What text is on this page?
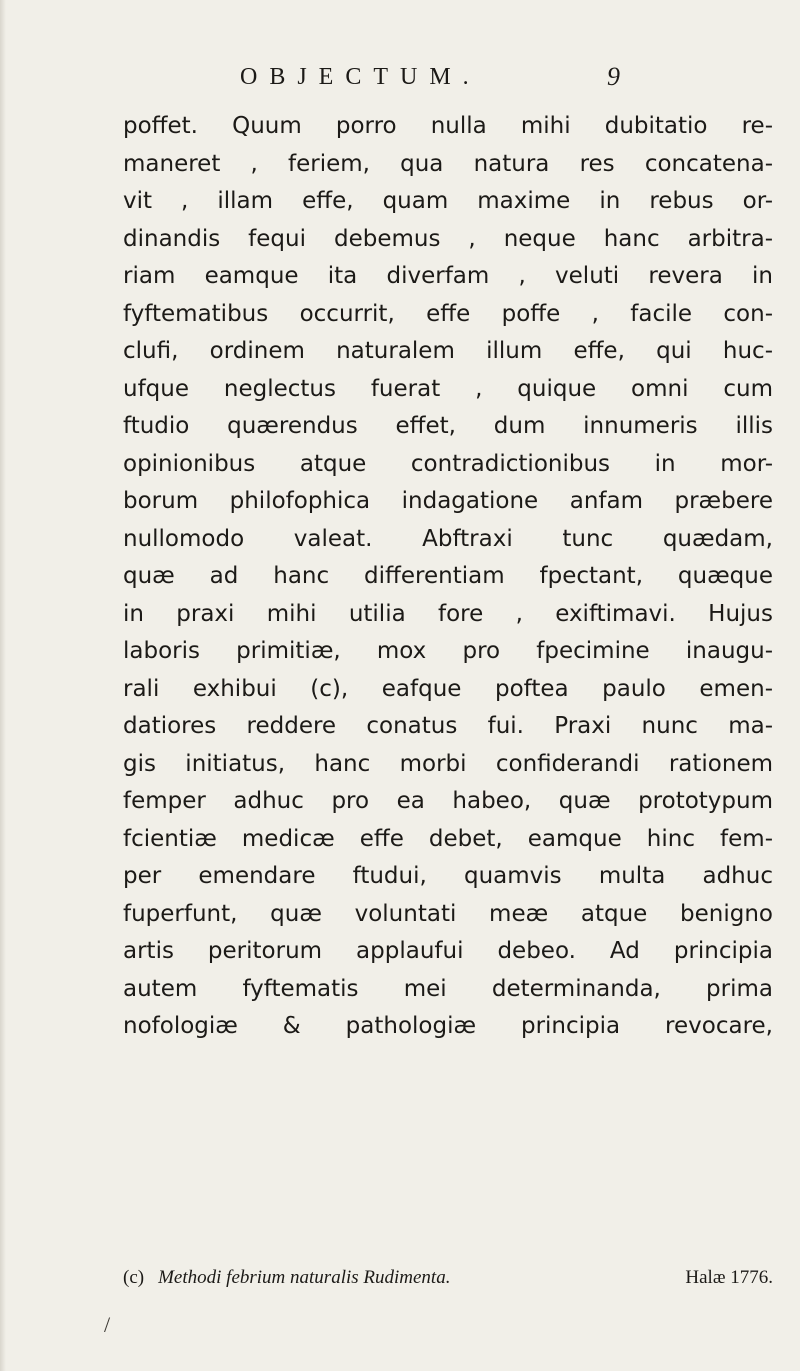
OBJECTUM.	9
poffet. Quum porro nulla mihi dubitatio re-
maneret , feriem, qua natura res concatena-
vit , illam effe, quam maxime in rebus or-
dinandis fequi debemus , neque hanc arbitra-
riam eamque ita diverfam , veluti revera in
fyftematibus occurrit, effe poffe , facile con-
clufi, ordinem naturalem illum effe, qui huc-
ufque neglectus fuerat , quique omni cum
ftudio quærendus effet, dum innumeris illis
opinionibus atque contradictionibus in mor-
borum philofophica indagatione anfam præbere
nullomodo valeat. Abftraxi tunc quædam,
quæ ad hanc differentiam fpectant, quæque
in praxi mihi utilia fore , exiftimavi. Hujus
laboris primitiæ, mox pro fpecimine inaugu-
rali exhibui (c), eafque poftea paulo emen-
datiores reddere conatus fui. Praxi nunc ma-
gis initiatus, hanc morbi confiderandi rationem
femper adhuc pro ea habeo, quæ prototypum
fcientiæ medicæ effe debet, eamque hinc fem-
per emendare ftudui, quamvis multa adhuc
fuperfunt, quæ voluntati meæ atque benigno
artis peritorum applaufui debeo. Ad principia
autem fyftematis mei determinanda, prima
nofologiæ & pathologiæ principia revocare,
(c) Methodi febrium naturalis Rudimenta.	Halæ 1776.
/
